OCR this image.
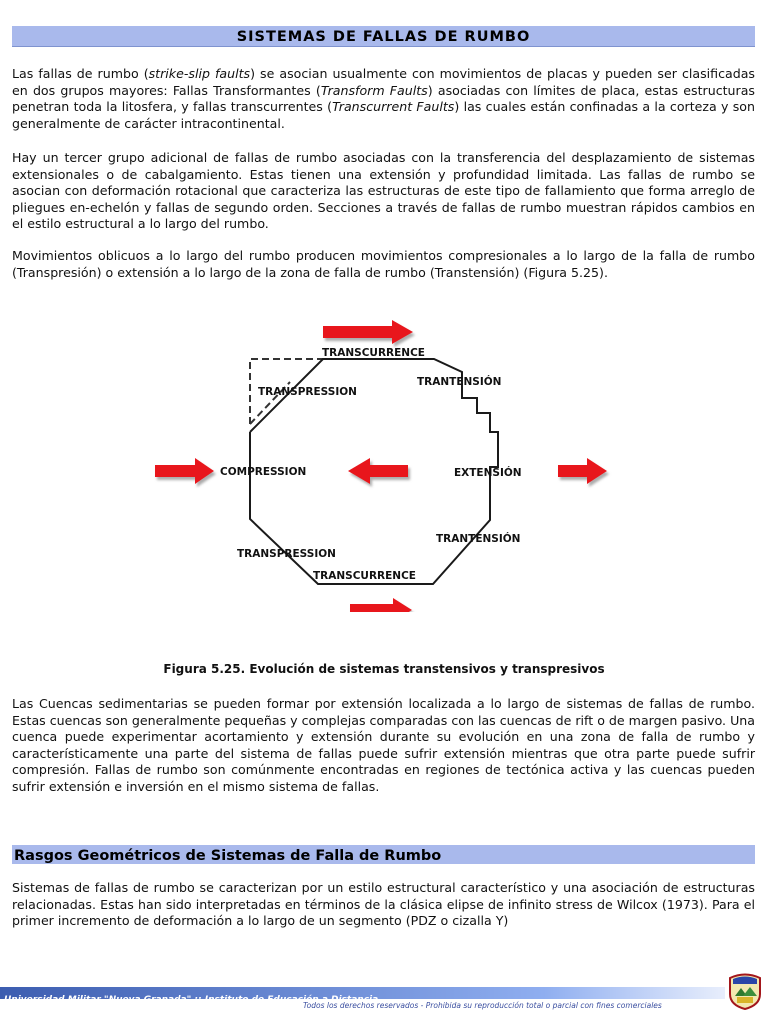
SISTEMAS DE FALLAS DE RUMBO

Las fallas de rumbo (strike-slip faults) se asocian usualmente con movimientos de placas y pueden ser clasificadas en dos grupos mayores: Fallas Transformantes (Transform Faults) asociadas con límites de placa, estas estructuras penetran toda la litosfera, y fallas transcurrentes (Transcurrent Faults) las cuales están confinadas a la corteza y son generalmente de carácter intracontinental.

Hay un tercer grupo adicional de fallas de rumbo asociadas con la transferencia del desplazamiento de sistemas extensionales o de cabalgamiento. Estas tienen una extensión y profundidad limitada. Las fallas de rumbo se asocian con deformación rotacional que caracteriza las estructuras de este tipo de fallamiento que forma arreglo de pliegues en-echelón y fallas de segundo orden. Secciones a través de fallas de rumbo muestran rápidos cambios en el estilo estructural a lo largo del rumbo.

Movimientos oblicuos a lo largo del rumbo producen movimientos compresionales a lo largo de la falla de rumbo (Transpresión) o extensión a lo largo de la zona de falla de rumbo (Transtensión) (Figura 5.25).

TRANSCURRENCE
TRANSPRESSION
TRANTENSIÓN
COMPRESSION	EXTENSIÓN
TRANTENSIÓN
TRANSPRESSION
TRANSCURRENCE
Figura 5.25. Evolución de sistemas transtensivos y transpresivos

Las Cuencas sedimentarias se pueden formar por extensión localizada a lo largo de sistemas de fallas de rumbo. Estas cuencas son generalmente pequeñas y complejas comparadas con las cuencas de rift o de margen pasivo. Una cuenca puede experimentar acortamiento y extensión durante su evolución en una zona de falla de rumbo y característicamente una parte del sistema de fallas puede sufrir extensión mientras que otra parte puede sufrir compresión. Fallas de rumbo son comúnmente encontradas en regiones de tectónica activa y las cuencas pueden sufrir extensión e inversión en el mismo sistema de fallas.

Rasgos Geométricos de Sistemas de Falla de Rumbo

Sistemas de fallas de rumbo se caracterizan por un estilo estructural característico y una asociación de estructuras relacionadas. Estas han sido interpretadas en términos de la clásica elipse de infinito stress de Wilcox (1973). Para el primer incremento de deformación a lo largo de un segmento (PDZ o cizalla Y)

Universidad Militar "Nueva Granada" :: Instituto de Educación a Distancia
Todos los derechos reservados - Prohibida su reproducción total o parcial con fines comerciales
